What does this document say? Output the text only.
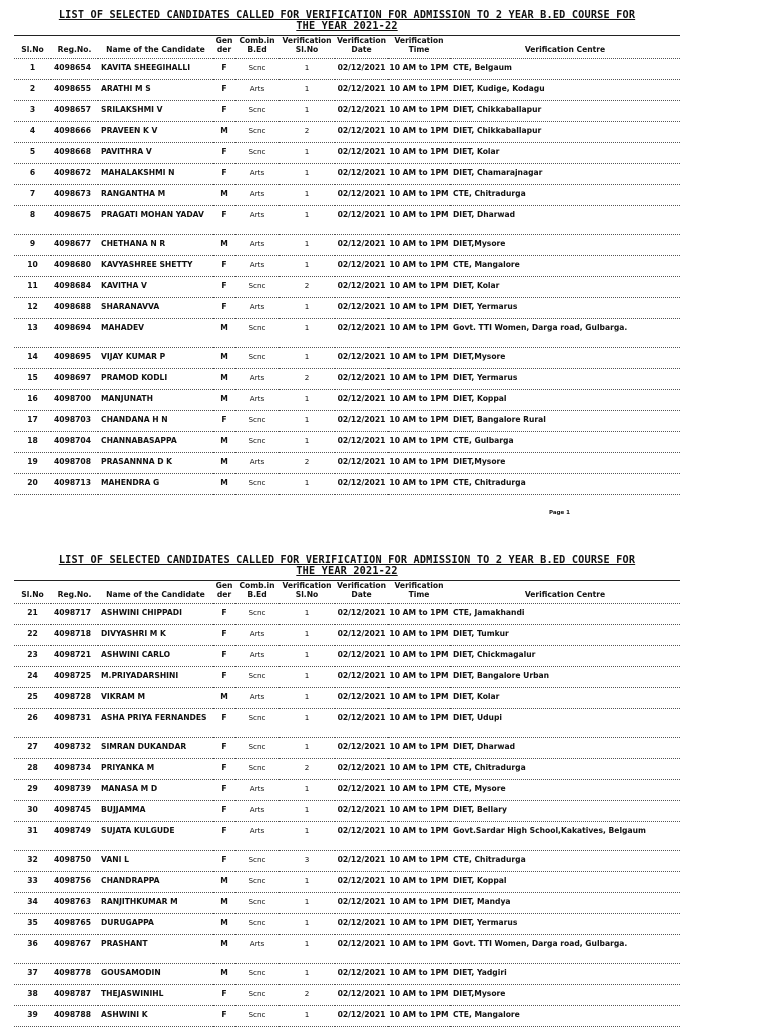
LIST OF SELECTED CANDIDATES CALLED FOR VERIFICATION FOR ADMISSION TO 2 YEAR B.ED COURSE FOR
THE YEAR 2021-22
Sl.No	Reg.No.	Name of the Candidate	Gen der	Comb.in B.Ed	Verification Sl.No	Verification Date	Verification Time	Verification Centre
1	4098654	KAVITA SHEEGIHALLI	F	Scnc	1	02/12/2021	10 AM to 1PM	CTE, Belgaum
2	4098655	ARATHI M S	F	Arts	1	02/12/2021	10 AM to 1PM	DIET, Kudige, Kodagu
3	4098657	SRILAKSHMI V	F	Scnc	1	02/12/2021	10 AM to 1PM	DIET, Chikkaballapur
4	4098666	PRAVEEN K V	M	Scnc	2	02/12/2021	10 AM to 1PM	DIET, Chikkaballapur
5	4098668	PAVITHRA V	F	Scnc	1	02/12/2021	10 AM to 1PM	DIET, Kolar
6	4098672	MAHALAKSHMI N	F	Arts	1	02/12/2021	10 AM to 1PM	DIET, Chamarajnagar
7	4098673	RANGANTHA M	M	Arts	1	02/12/2021	10 AM to 1PM	CTE, Chitradurga
8	4098675	PRAGATI MOHAN YADAV	F	Arts	1	02/12/2021	10 AM to 1PM	DIET, Dharwad
9	4098677	CHETHANA N R	M	Arts	1	02/12/2021	10 AM to 1PM	DIET,Mysore
10	4098680	KAVYASHREE SHETTY	F	Arts	1	02/12/2021	10 AM to 1PM	CTE, Mangalore
11	4098684	KAVITHA V	F	Scnc	2	02/12/2021	10 AM to 1PM	DIET, Kolar
12	4098688	SHARANAVVA	F	Arts	1	02/12/2021	10 AM to 1PM	DIET, Yermarus
13	4098694	MAHADEV	M	Scnc	1	02/12/2021	10 AM to 1PM	Govt. TTI Women, Darga road, Gulbarga.
14	4098695	VIJAY KUMAR P	M	Scnc	1	02/12/2021	10 AM to 1PM	DIET,Mysore
15	4098697	PRAMOD KODLI	M	Arts	2	02/12/2021	10 AM to 1PM	DIET, Yermarus
16	4098700	MANJUNATH	M	Arts	1	02/12/2021	10 AM to 1PM	DIET, Koppal
17	4098703	CHANDANA H N	F	Scnc	1	02/12/2021	10 AM to 1PM	DIET, Bangalore Rural
18	4098704	CHANNABASAPPA	M	Scnc	1	02/12/2021	10 AM to 1PM	CTE, Gulbarga
19	4098708	PRASANNNA D K	M	Arts	2	02/12/2021	10 AM to 1PM	DIET,Mysore
20	4098713	MAHENDRA G	M	Scnc	1	02/12/2021	10 AM to 1PM	CTE, Chitradurga
Page 1
LIST OF SELECTED CANDIDATES CALLED FOR VERIFICATION FOR ADMISSION TO 2 YEAR B.ED COURSE FOR
THE YEAR 2021-22
Sl.No	Reg.No.	Name of the Candidate	Gen der	Comb.in B.Ed	Verification Sl.No	Verification Date	Verification Time	Verification Centre
21	4098717	ASHWINI CHIPPADI	F	Scnc	1	02/12/2021	10 AM to 1PM	CTE, Jamakhandi
22	4098718	DIVYASHRI M K	F	Arts	1	02/12/2021	10 AM to 1PM	DIET, Tumkur
23	4098721	ASHWINI CARLO	F	Arts	1	02/12/2021	10 AM to 1PM	DIET, Chickmagalur
24	4098725	M.PRIYADARSHINI	F	Scnc	1	02/12/2021	10 AM to 1PM	DIET, Bangalore Urban
25	4098728	VIKRAM M	M	Arts	1	02/12/2021	10 AM to 1PM	DIET, Kolar
26	4098731	ASHA PRIYA FERNANDES	F	Scnc	1	02/12/2021	10 AM to 1PM	DIET, Udupi
27	4098732	SIMRAN DUKANDAR	F	Scnc	1	02/12/2021	10 AM to 1PM	DIET, Dharwad
28	4098734	PRIYANKA M	F	Scnc	2	02/12/2021	10 AM to 1PM	CTE, Chitradurga
29	4098739	MANASA M D	F	Arts	1	02/12/2021	10 AM to 1PM	CTE, Mysore
30	4098745	BUJJAMMA	F	Arts	1	02/12/2021	10 AM to 1PM	DIET, Bellary
31	4098749	SUJATA KULGUDE	F	Arts	1	02/12/2021	10 AM to 1PM	Govt.Sardar High School,Kakatives, Belgaum
32	4098750	VANI L	F	Scnc	3	02/12/2021	10 AM to 1PM	CTE, Chitradurga
33	4098756	CHANDRAPPA	M	Scnc	1	02/12/2021	10 AM to 1PM	DIET, Koppal
34	4098763	RANJITHKUMAR M	M	Scnc	1	02/12/2021	10 AM to 1PM	DIET, Mandya
35	4098765	DURUGAPPA	M	Scnc	1	02/12/2021	10 AM to 1PM	DIET, Yermarus
36	4098767	PRASHANT	M	Arts	1	02/12/2021	10 AM to 1PM	Govt. TTI Women, Darga road, Gulbarga.
37	4098778	GOUSAMODIN	M	Scnc	1	02/12/2021	10 AM to 1PM	DIET, Yadgiri
38	4098787	THEJASWINIHL	F	Scnc	2	02/12/2021	10 AM to 1PM	DIET,Mysore
39	4098788	ASHWINI K	F	Scnc	1	02/12/2021	10 AM to 1PM	CTE, Mangalore
